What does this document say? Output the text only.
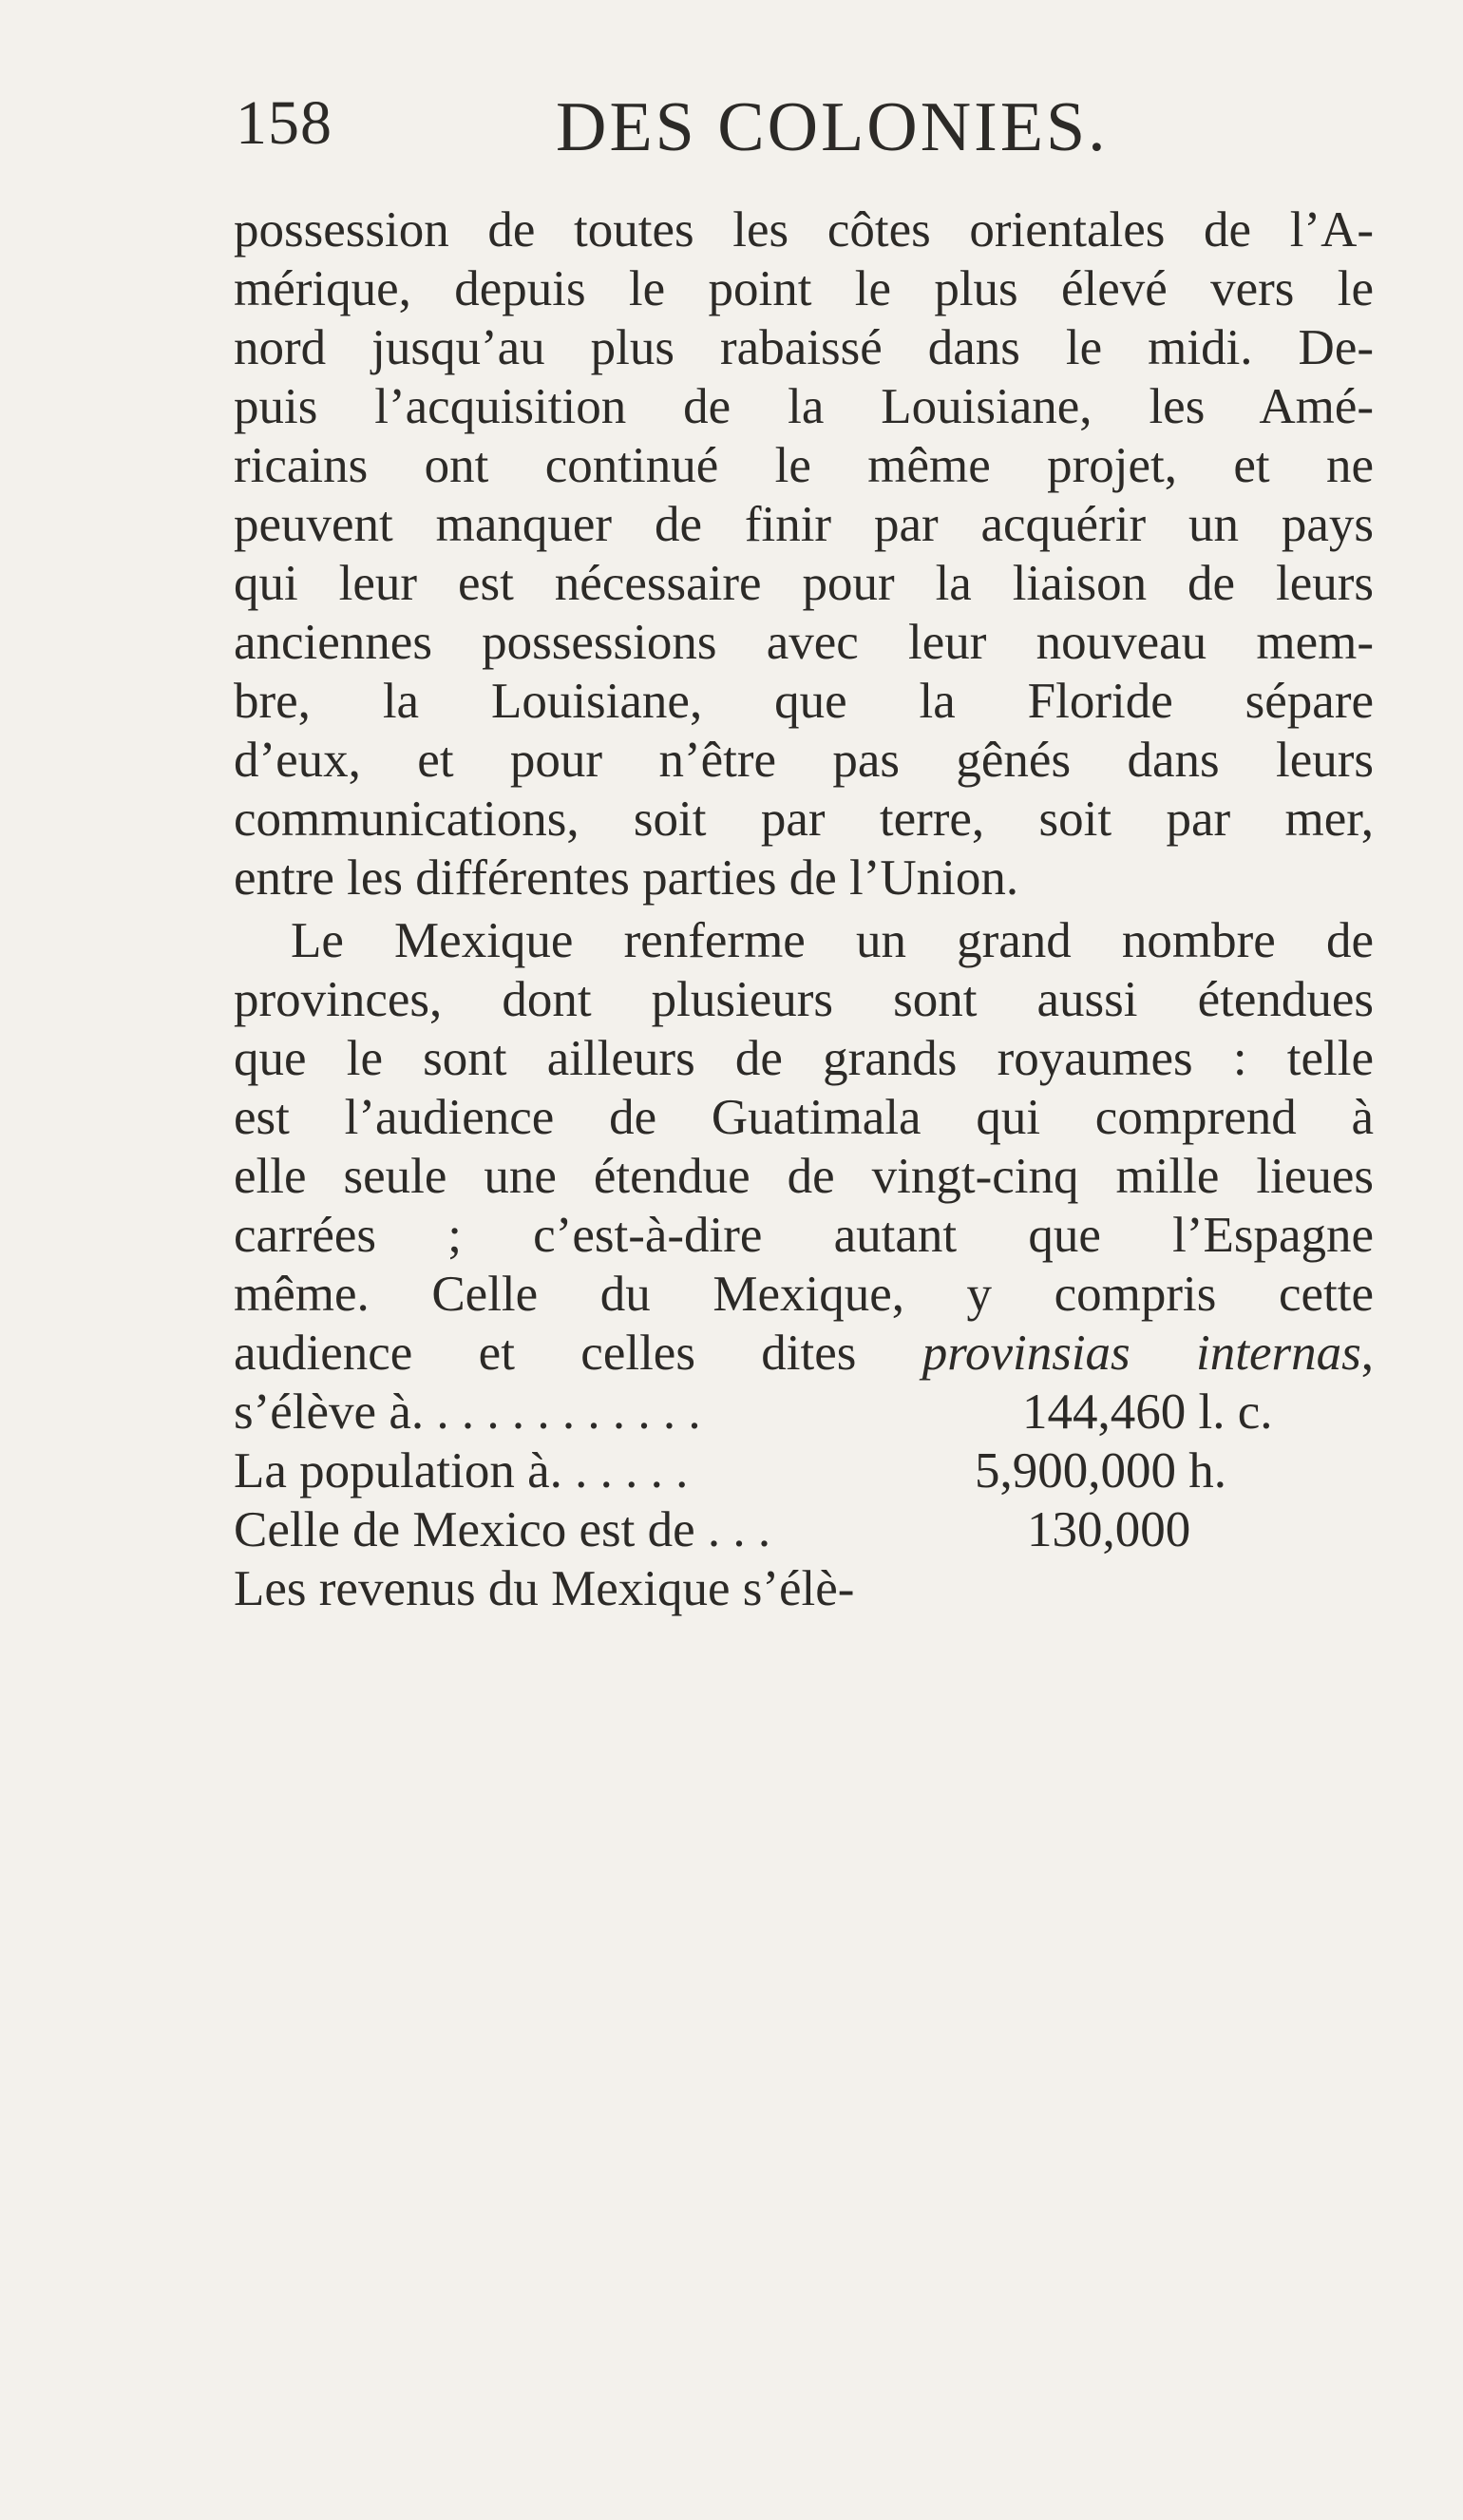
158	DES COLONIES.
possession de toutes les côtes orientales de l’A-
mérique, depuis le point le plus élevé vers le
nord jusqu’au plus rabaissé dans le midi. De-
puis l’acquisition de la Louisiane, les Amé-
ricains ont continué le même projet, et ne
peuvent manquer de finir par acquérir un pays
qui leur est nécessaire pour la liaison de leurs
anciennes possessions avec leur nouveau mem-
bre, la Louisiane, que la Floride sépare
d’eux, et pour n’être pas gênés dans leurs
communications, soit par terre, soit par mer,
entre les différentes parties de l’Union.
Le Mexique renferme un grand nombre de
provinces, dont plusieurs sont aussi étendues
que le sont ailleurs de grands royaumes : telle
est l’audience de Guatimala qui comprend à
elle seule une étendue de vingt-cinq mille lieues
carrées ; c’est-à-dire autant que l’Espagne
même. Celle du Mexique, y compris cette
audience et celles dites provinsias internas,
s’élève à. . . . . . . . . . . .	144,460 l. c.
La population à. . . . . .	5,900,000 h.
Celle de Mexico est de . . .	130,000
Les revenus du Mexique s’élè-
